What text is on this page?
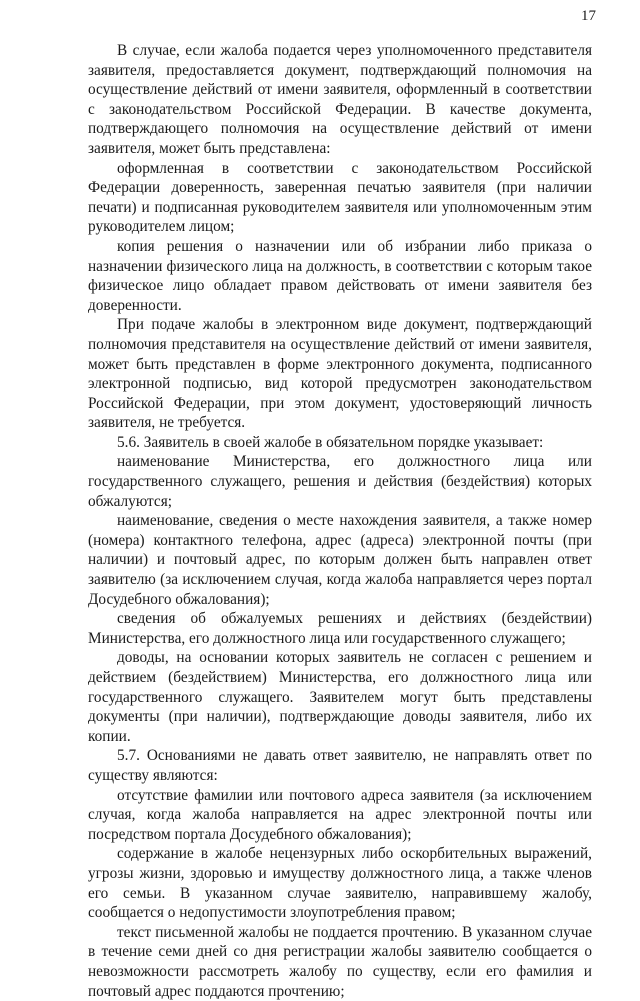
17

В случае, если жалоба подается через уполномоченного представителя заявителя, предоставляется документ, подтверждающий полномочия на осуществление действий от имени заявителя, оформленный в соответствии с законодательством Российской Федерации. В качестве документа, подтверждающего полномочия на осуществление действий от имени заявителя, может быть представлена:

оформленная в соответствии с законодательством Российской Федерации доверенность, заверенная печатью заявителя (при наличии печати) и подписанная руководителем заявителя или уполномоченным этим руководителем лицом;

копия решения о назначении или об избрании либо приказа о назначении физического лица на должность, в соответствии с которым такое физическое лицо обладает правом действовать от имени заявителя без доверенности.

При подаче жалобы в электронном виде документ, подтверждающий полномочия представителя на осуществление действий от имени заявителя, может быть представлен в форме электронного документа, подписанного электронной подписью, вид которой предусмотрен законодательством Российской Федерации, при этом документ, удостоверяющий личность заявителя, не требуется.

5.6. Заявитель в своей жалобе в обязательном порядке указывает:

наименование Министерства, его должностного лица или государственного служащего, решения и действия (бездействия) которых обжалуются;

наименование, сведения о месте нахождения заявителя, а также номер (номера) контактного телефона, адрес (адреса) электронной почты (при наличии) и почтовый адрес, по которым должен быть направлен ответ заявителю (за исключением случая, когда жалоба направляется через портал Досудебного обжалования);

сведения об обжалуемых решениях и действиях (бездействии) Министерства, его должностного лица или государственного служащего;

доводы, на основании которых заявитель не согласен с решением и действием (бездействием) Министерства, его должностного лица или государственного служащего. Заявителем могут быть представлены документы (при наличии), подтверждающие доводы заявителя, либо их копии.

5.7. Основаниями не давать ответ заявителю, не направлять ответ по существу являются:

отсутствие фамилии или почтового адреса заявителя (за исключением случая, когда жалоба направляется на адрес электронной почты или посредством портала Досудебного обжалования);

содержание в жалобе нецензурных либо оскорбительных выражений, угрозы жизни, здоровью и имуществу должностного лица, а также членов его семьи. В указанном случае заявителю, направившему жалобу, сообщается о недопустимости злоупотребления правом;

текст письменной жалобы не поддается прочтению. В указанном случае в течение семи дней со дня регистрации жалобы заявителю сообщается о невозможности рассмотреть жалобу по существу, если его фамилия и почтовый адрес поддаются прочтению;
